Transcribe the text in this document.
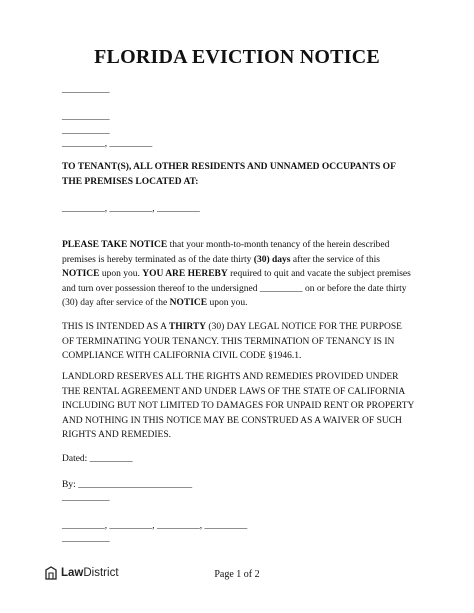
FLORIDA EVICTION NOTICE
__________
__________
__________
_________, _________
TO TENANT(S), ALL OTHER RESIDENTS AND UNNAMED OCCUPANTS OF THE PREMISES LOCATED AT:
_________, _________, _________
PLEASE TAKE NOTICE that your month-to-month tenancy of the herein described premises is hereby terminated as of the date thirty (30) days after the service of this NOTICE upon you. YOU ARE HEREBY required to quit and vacate the subject premises and turn over possession thereof to the undersigned _________ on or before the date thirty (30) day after service of the NOTICE upon you.
THIS IS INTENDED AS A THIRTY (30) DAY LEGAL NOTICE FOR THE PURPOSE OF TERMINATING YOUR TENANCY. THIS TERMINATION OF TENANCY IS IN COMPLIANCE WITH CALIFORNIA CIVIL CODE §1946.1.
LANDLORD RESERVES ALL THE RIGHTS AND REMEDIES PROVIDED UNDER THE RENTAL AGREEMENT AND UNDER LAWS OF THE STATE OF CALIFORNIA INCLUDING BUT NOT LIMITED TO DAMAGES FOR UNPAID RENT OR PROPERTY AND NOTHING IN THIS NOTICE MAY BE CONSTRUED AS A WAIVER OF SUCH RIGHTS AND REMEDIES.
Dated: _________
By: ________________________
__________
_________, _________, _________, _________
__________
LawDistrict	Page 1 of 2
